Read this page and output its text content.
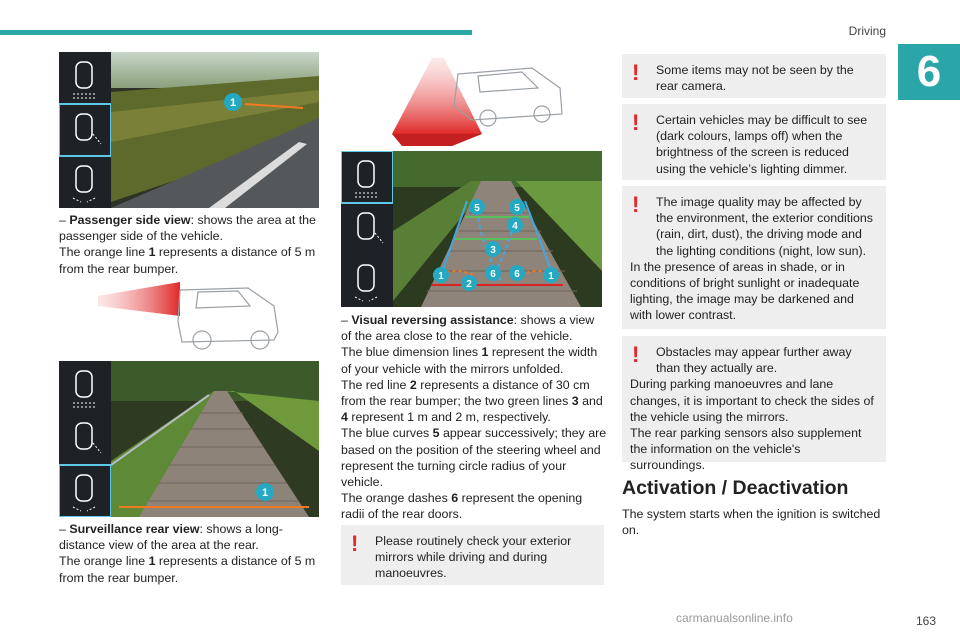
Driving
6
1

– Passenger side view: shows the area at the passenger side of the vehicle.

The orange line 1 represents a distance of 5 m from the rear bumper.

1

– Surveillance rear view: shows a long-distance view of the area at the rear.

The orange line 1 represents a distance of 5 m from the rear bumper.

5	5
4
3
1	1
2
6 6

– Visual reversing assistance: shows a view of the area close to the rear of the vehicle.

The blue dimension lines 1 represent the width of your vehicle with the mirrors unfolded.

The red line 2 represents a distance of 30 cm from the rear bumper; the two green lines 3 and 4 represent 1 m and 2 m, respectively.

The blue curves 5 appear successively; they are based on the position of the steering wheel and represent the turning circle radius of your vehicle.

The orange dashes 6 represent the opening radii of the rear doors.

!	Please routinely check your exterior mirrors while driving and during manoeuvres.

!	Some items may not be seen by the rear camera.

!	Certain vehicles may be difficult to see (dark colours, lamps off) when the brightness of the screen is reduced using the vehicle’s lighting dimmer.

!	The image quality may be affected by the environment, the exterior conditions (rain, dirt, dust), the driving mode and the lighting conditions (night, low sun).

In the presence of areas in shade, or in conditions of bright sunlight or inadequate lighting, the image may be darkened and with lower contrast.

!	Obstacles may appear further away than they actually are.

During parking manoeuvres and lane changes, it is important to check the sides of the vehicle using the mirrors.

The rear parking sensors also supplement the information on the vehicle's surroundings.

Activation / Deactivation

The system starts when the ignition is switched on.

carmanualsonline.info	163
